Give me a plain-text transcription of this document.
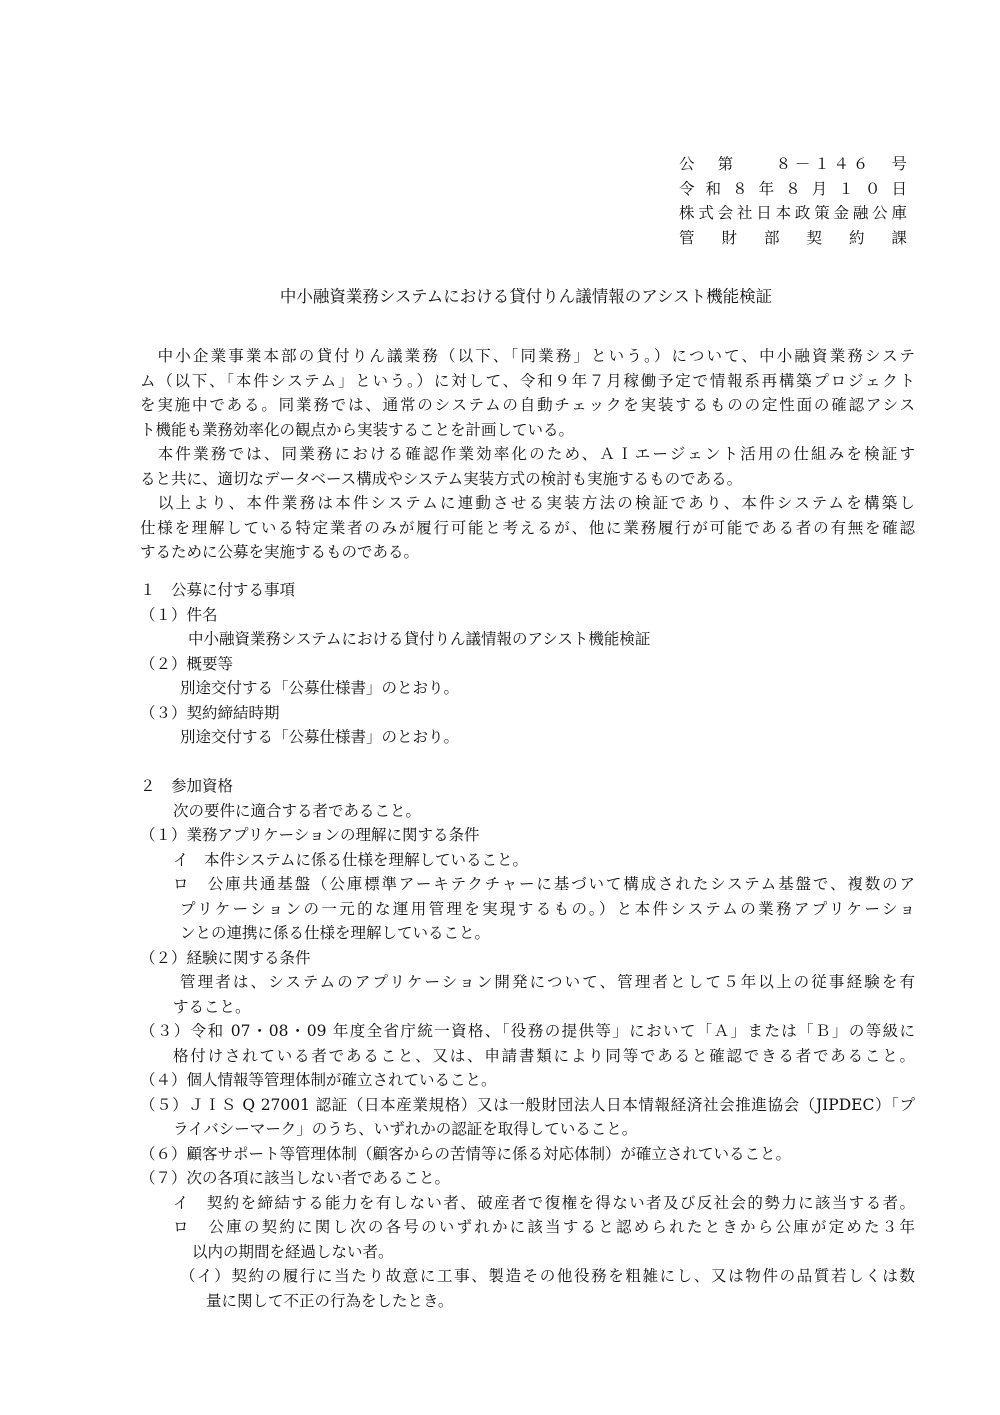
公　第　　８－１４６　号
令和８年８月１０日
株式会社日本政策金融公庫
管財部契約課
中小融資業務システムにおける貸付りん議情報のアシスト機能検証
　中小企業事業本部の貸付りん議業務（以下、「同業務」という。）について、中小融資業務システ
ム（以下、「本件システム」という。）に対して、令和９年７月稼働予定で情報系再構築プロジェクト
を実施中である。同業務では、通常のシステムの自動チェックを実装するものの定性面の確認アシス
ト機能も業務効率化の観点から実装することを計画している。
　本件業務では、同業務における確認作業効率化のため、ＡＩエージェント活用の仕組みを検証す
ると共に、適切なデータベース構成やシステム実装方式の検討も実施するものである。
　以上より、本件業務は本件システムに連動させる実装方法の検証であり、本件システムを構築し
仕様を理解している特定業者のみが履行可能と考えるが、他に業務履行が可能である者の有無を確認
するために公募を実施するものである。
１　公募に付する事項
（１）件名
中小融資業務システムにおける貸付りん議情報のアシスト機能検証
（２）概要等
別途交付する「公募仕様書」のとおり。
（３）契約締結時期
別途交付する「公募仕様書」のとおり。
２　参加資格
次の要件に適合する者であること。
（１）業務アプリケーションの理解に関する条件
イ　本件システムに係る仕様を理解していること。
ロ　公庫共通基盤（公庫標準アーキテクチャーに基づいて構成されたシステム基盤で、複数のア
プリケーションの一元的な運用管理を実現するもの。）と本件システムの業務アプリケーショ
ンとの連携に係る仕様を理解していること。
（２）経験に関する条件
管理者は、システムのアプリケーション開発について、管理者として５年以上の従事経験を有
すること。
（３）令和 07・08・09 年度全省庁統一資格、「役務の提供等」において「Ａ」または「Ｂ」の等級に
格付けされている者であること、又は、申請書類により同等であると確認できる者であること。
（４）個人情報等管理体制が確立されていること。
（５）ＪＩＳ Q 27001 認証（日本産業規格）又は一般財団法人日本情報経済社会推進協会（JIPDEC）「プ
ライバシーマーク」のうち、いずれかの認証を取得していること。
（６）顧客サポート等管理体制（顧客からの苦情等に係る対応体制）が確立されていること。
（７）次の各項に該当しない者であること。
イ　契約を締結する能力を有しない者、破産者で復権を得ない者及び反社会的勢力に該当する者。
ロ　公庫の契約に関し次の各号のいずれかに該当すると認められたときから公庫が定めた３年
以内の期間を経過しない者。
（イ）契約の履行に当たり故意に工事、製造その他役務を粗雑にし、又は物件の品質若しくは数
量に関して不正の行為をしたとき。
